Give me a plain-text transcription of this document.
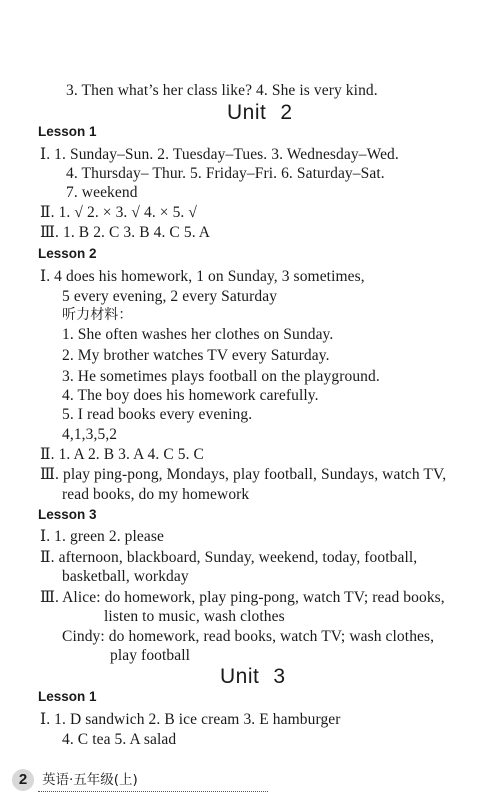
3. Then what’s her class like? 4. She is very kind.
Unit 2
Lesson 1
Ⅰ. 1. Sunday–Sun. 2. Tuesday–Tues. 3. Wednesday–Wed.
4. Thursday– Thur. 5. Friday–Fri. 6. Saturday–Sat.
7. weekend
Ⅱ. 1. √ 2. × 3. √ 4. × 5. √
Ⅲ. 1. B 2. C 3. B 4. C 5. A
Lesson 2
Ⅰ. 4 does his homework, 1 on Sunday, 3 sometimes,
5 every evening, 2 every Saturday
听力材料：
1. She often washes her clothes on Sunday.
2. My brother watches TV every Saturday.
3. He sometimes plays football on the playground.
4. The boy does his homework carefully.
5. I read books every evening.
4,1,3,5,2
Ⅱ. 1. A 2. B 3. A 4. C 5. C
Ⅲ. play ping-pong, Mondays, play football, Sundays, watch TV,
read books, do my homework
Lesson 3
Ⅰ. 1. green 2. please
Ⅱ. afternoon, blackboard, Sunday, weekend, today, football,
basketball, workday
Ⅲ. Alice: do homework, play ping-pong, watch TV; read books,
listen to music, wash clothes
Cindy: do homework, read books, watch TV; wash clothes,
play football
Unit 3
Lesson 1
Ⅰ. 1. D sandwich 2. B ice cream 3. E hamburger
4. C tea 5. A salad
2	英语·五年级(上)
